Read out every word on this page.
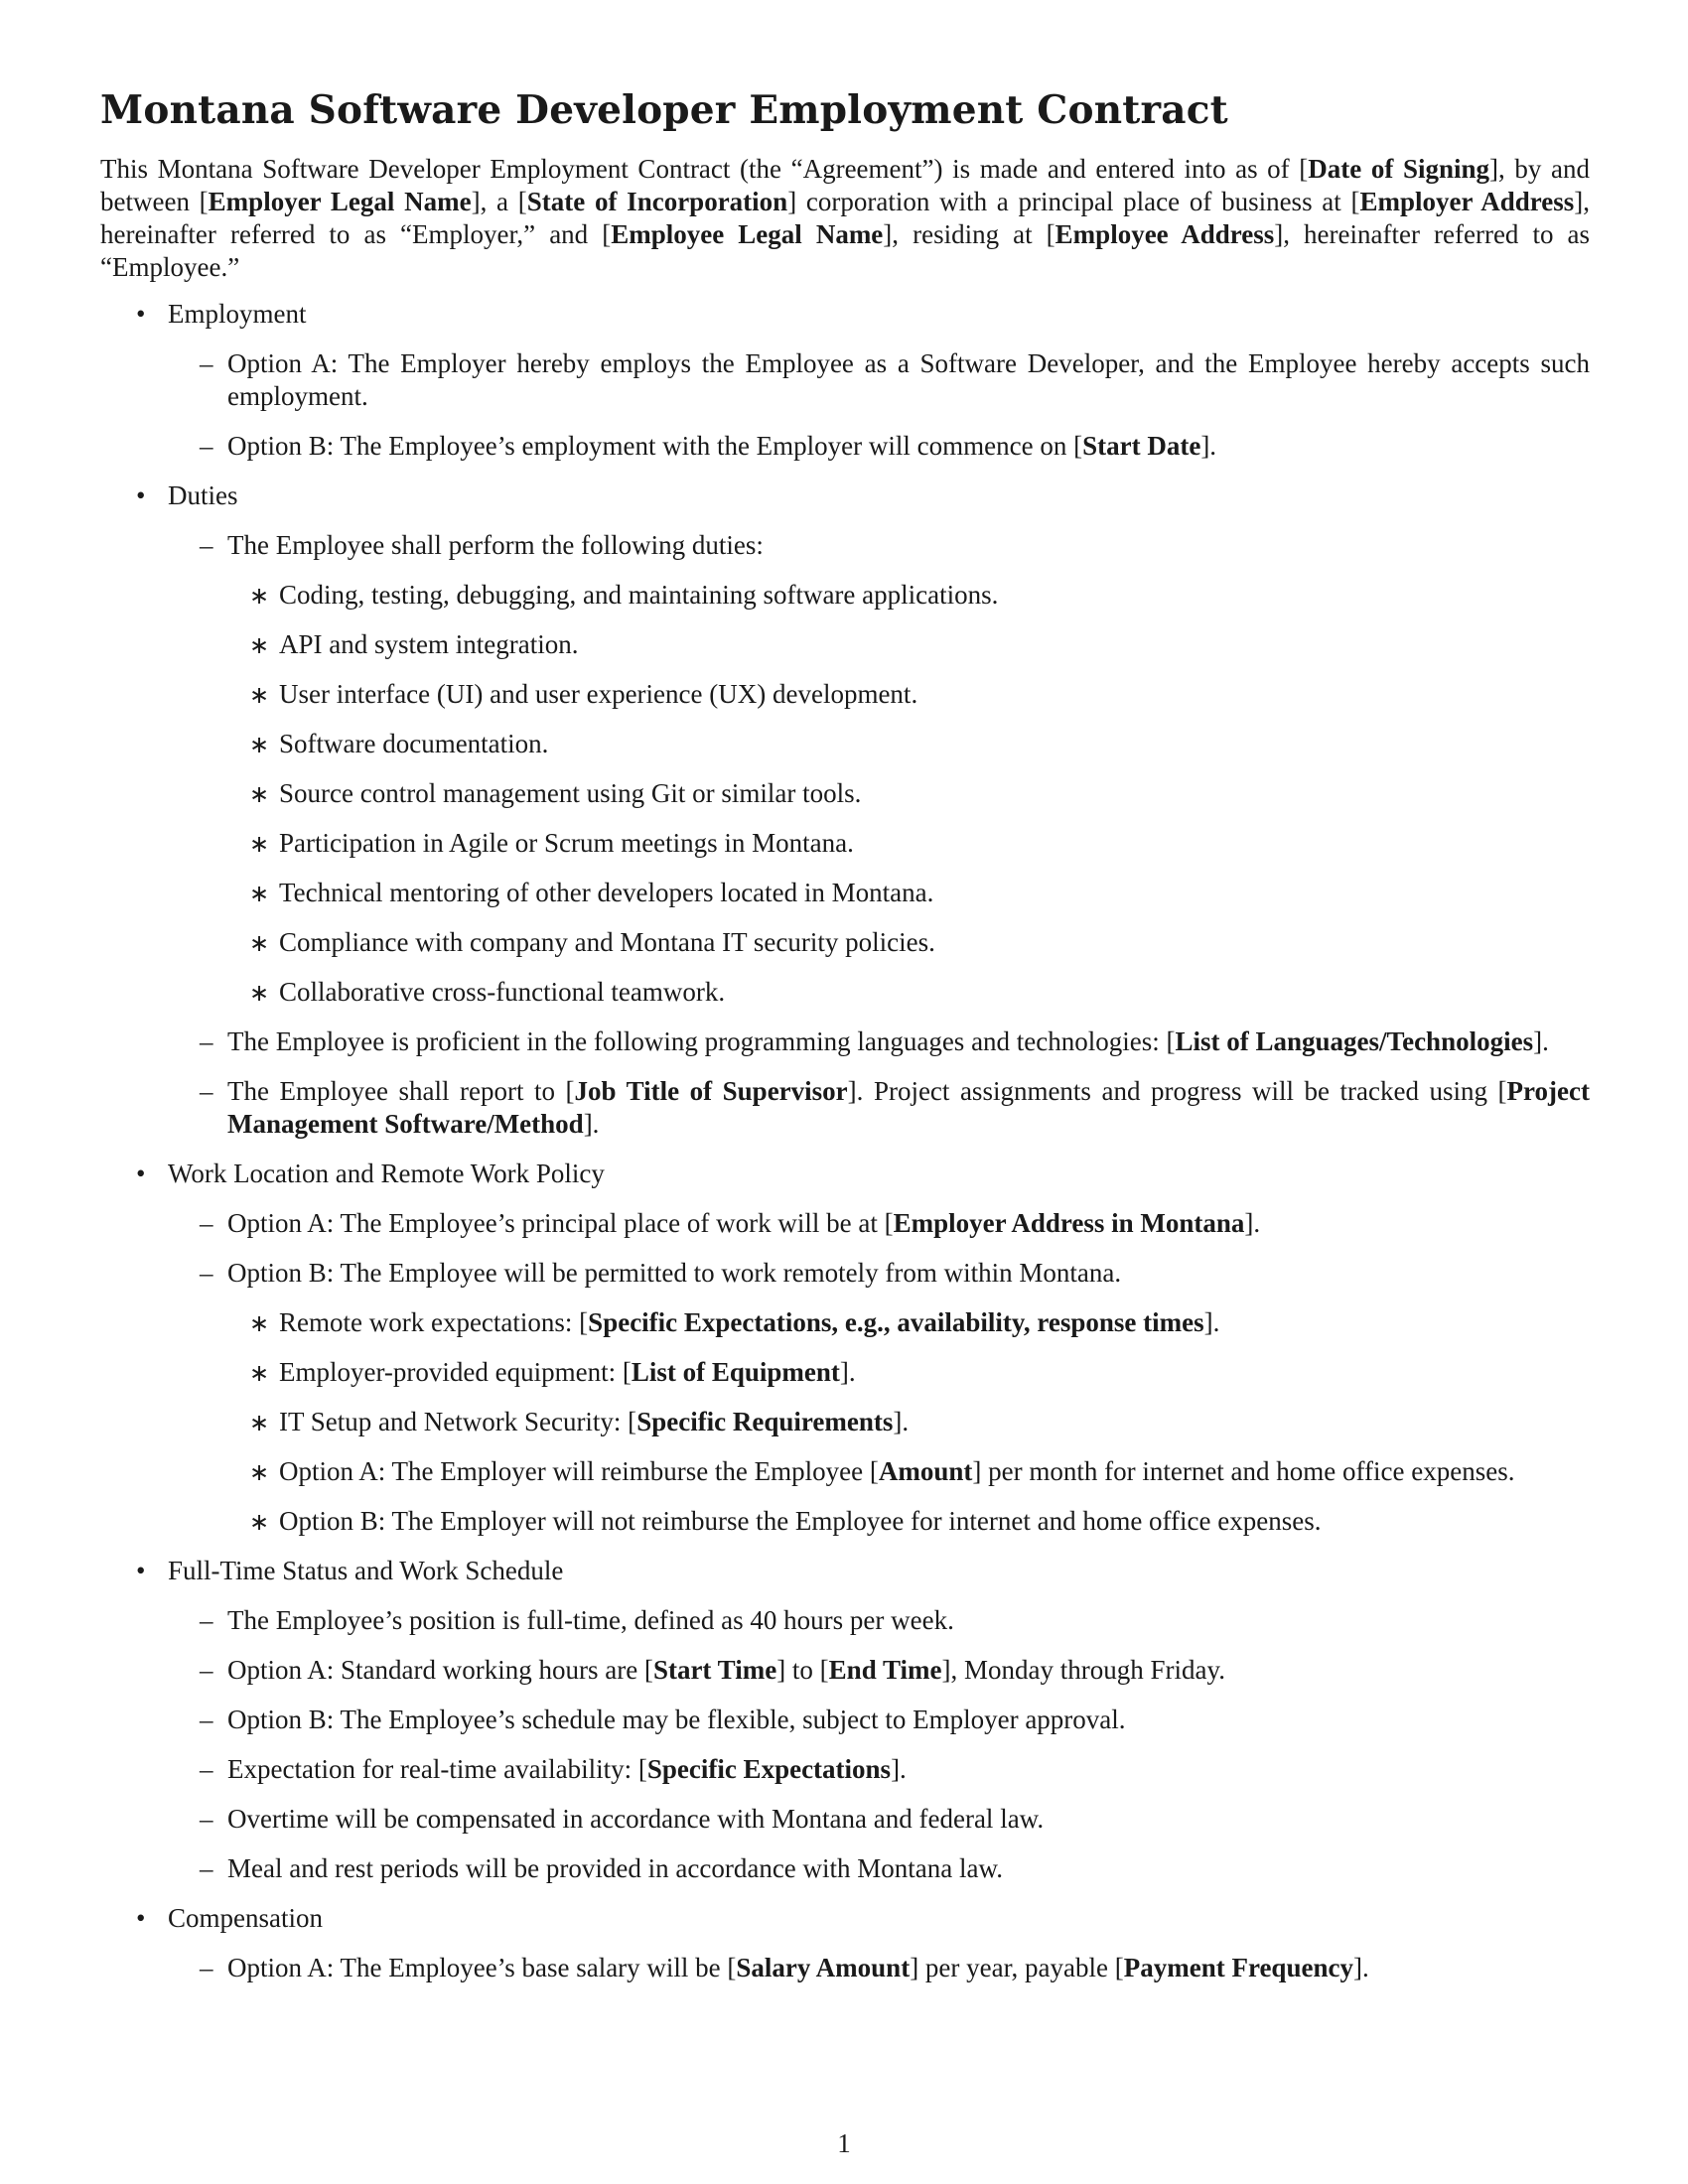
Montana Software Developer Employment Contract

This Montana Software Developer Employment Contract (the “Agreement”) is made and entered into as of [Date of Signing], by and between [Employer Legal Name], a [State of Incorporation] corporation with a principal place of business at [Employer Address], hereinafter referred to as “Employer,” and [Employee Legal Name], residing at [Employee Address], hereinafter referred to as “Employee.”

• Employment
– Option A: The Employer hereby employs the Employee as a Software Developer, and the Employee hereby accepts such employment.
– Option B: The Employee’s employment with the Employer will commence on [Start Date].
• Duties
– The Employee shall perform the following duties:
∗ Coding, testing, debugging, and maintaining software applications.
∗ API and system integration.
∗ User interface (UI) and user experience (UX) development.
∗ Software documentation.
∗ Source control management using Git or similar tools.
∗ Participation in Agile or Scrum meetings in Montana.
∗ Technical mentoring of other developers located in Montana.
∗ Compliance with company and Montana IT security policies.
∗ Collaborative cross-functional teamwork.
– The Employee is proficient in the following programming languages and technologies: [List of Languages/Technologies].
– The Employee shall report to [Job Title of Supervisor]. Project assignments and progress will be tracked using [Project Management Software/Method].
• Work Location and Remote Work Policy
– Option A: The Employee’s principal place of work will be at [Employer Address in Montana].
– Option B: The Employee will be permitted to work remotely from within Montana.
∗ Remote work expectations: [Specific Expectations, e.g., availability, response times].
∗ Employer-provided equipment: [List of Equipment].
∗ IT Setup and Network Security: [Specific Requirements].
∗ Option A: The Employer will reimburse the Employee [Amount] per month for internet and home office expenses.
∗ Option B: The Employer will not reimburse the Employee for internet and home office expenses.
• Full-Time Status and Work Schedule
– The Employee’s position is full-time, defined as 40 hours per week.
– Option A: Standard working hours are [Start Time] to [End Time], Monday through Friday.
– Option B: The Employee’s schedule may be flexible, subject to Employer approval.
– Expectation for real-time availability: [Specific Expectations].
– Overtime will be compensated in accordance with Montana and federal law.
– Meal and rest periods will be provided in accordance with Montana law.
• Compensation
– Option A: The Employee’s base salary will be [Salary Amount] per year, payable [Payment Frequency].
1
